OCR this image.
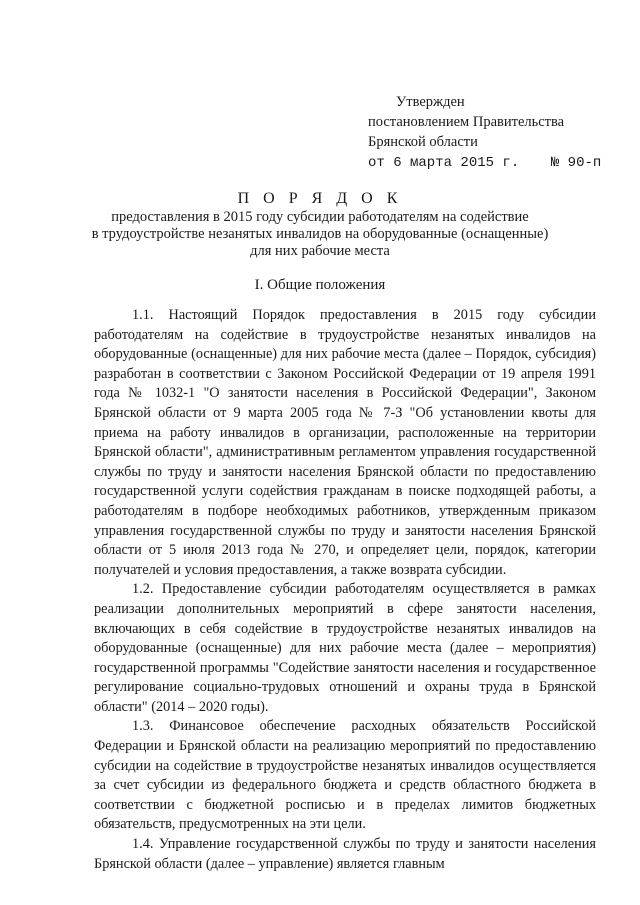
Утвержден
постановлением Правительства
Брянской области
от 6 марта 2015 г. № 90-п
П О Р Я Д О К
предоставления в 2015 году субсидии работодателям на содействие
в трудоустройстве незанятых инвалидов на оборудованные (оснащенные)
для них рабочие места
I. Общие положения

1.1. Настоящий Порядок предоставления в 2015 году субсидии работодателям на содействие в трудоустройстве незанятых инвалидов на оборудованные (оснащенные) для них рабочие места (далее – Порядок, субсидия) разработан в соответствии с Законом Российской Федерации от 19 апреля 1991 года № 1032-1 "О занятости населения в Российской Федерации", Законом Брянской области от 9 марта 2005 года № 7-З "Об установлении квоты для приема на работу инвалидов в организации, расположенные на территории Брянской области", административным регламентом управления государственной службы по труду и занятости населения Брянской области по предоставлению государственной услуги содействия гражданам в поиске подходящей работы, а работодателям в подборе необходимых работников, утвержденным приказом управления государственной службы по труду и занятости населения Брянской области от 5 июля 2013 года № 270, и определяет цели, порядок, категории получателей и условия предоставления, а также возврата субсидии.

1.2. Предоставление субсидии работодателям осуществляется в рамках реализации дополнительных мероприятий в сфере занятости населения, включающих в себя содействие в трудоустройстве незанятых инвалидов на оборудованные (оснащенные) для них рабочие места (далее – мероприятия) государственной программы "Содействие занятости населения и государственное регулирование социально-трудовых отношений и охраны труда в Брянской области" (2014 – 2020 годы).

1.3. Финансовое обеспечение расходных обязательств Российской Федерации и Брянской области на реализацию мероприятий по предоставлению субсидии на содействие в трудоустройстве незанятых инвалидов осуществляется за счет субсидии из федерального бюджета и средств областного бюджета в соответствии с бюджетной росписью и в пределах лимитов бюджетных обязательств, предусмотренных на эти цели.

1.4. Управление государственной службы по труду и занятости населения Брянской области (далее – управление) является главным
